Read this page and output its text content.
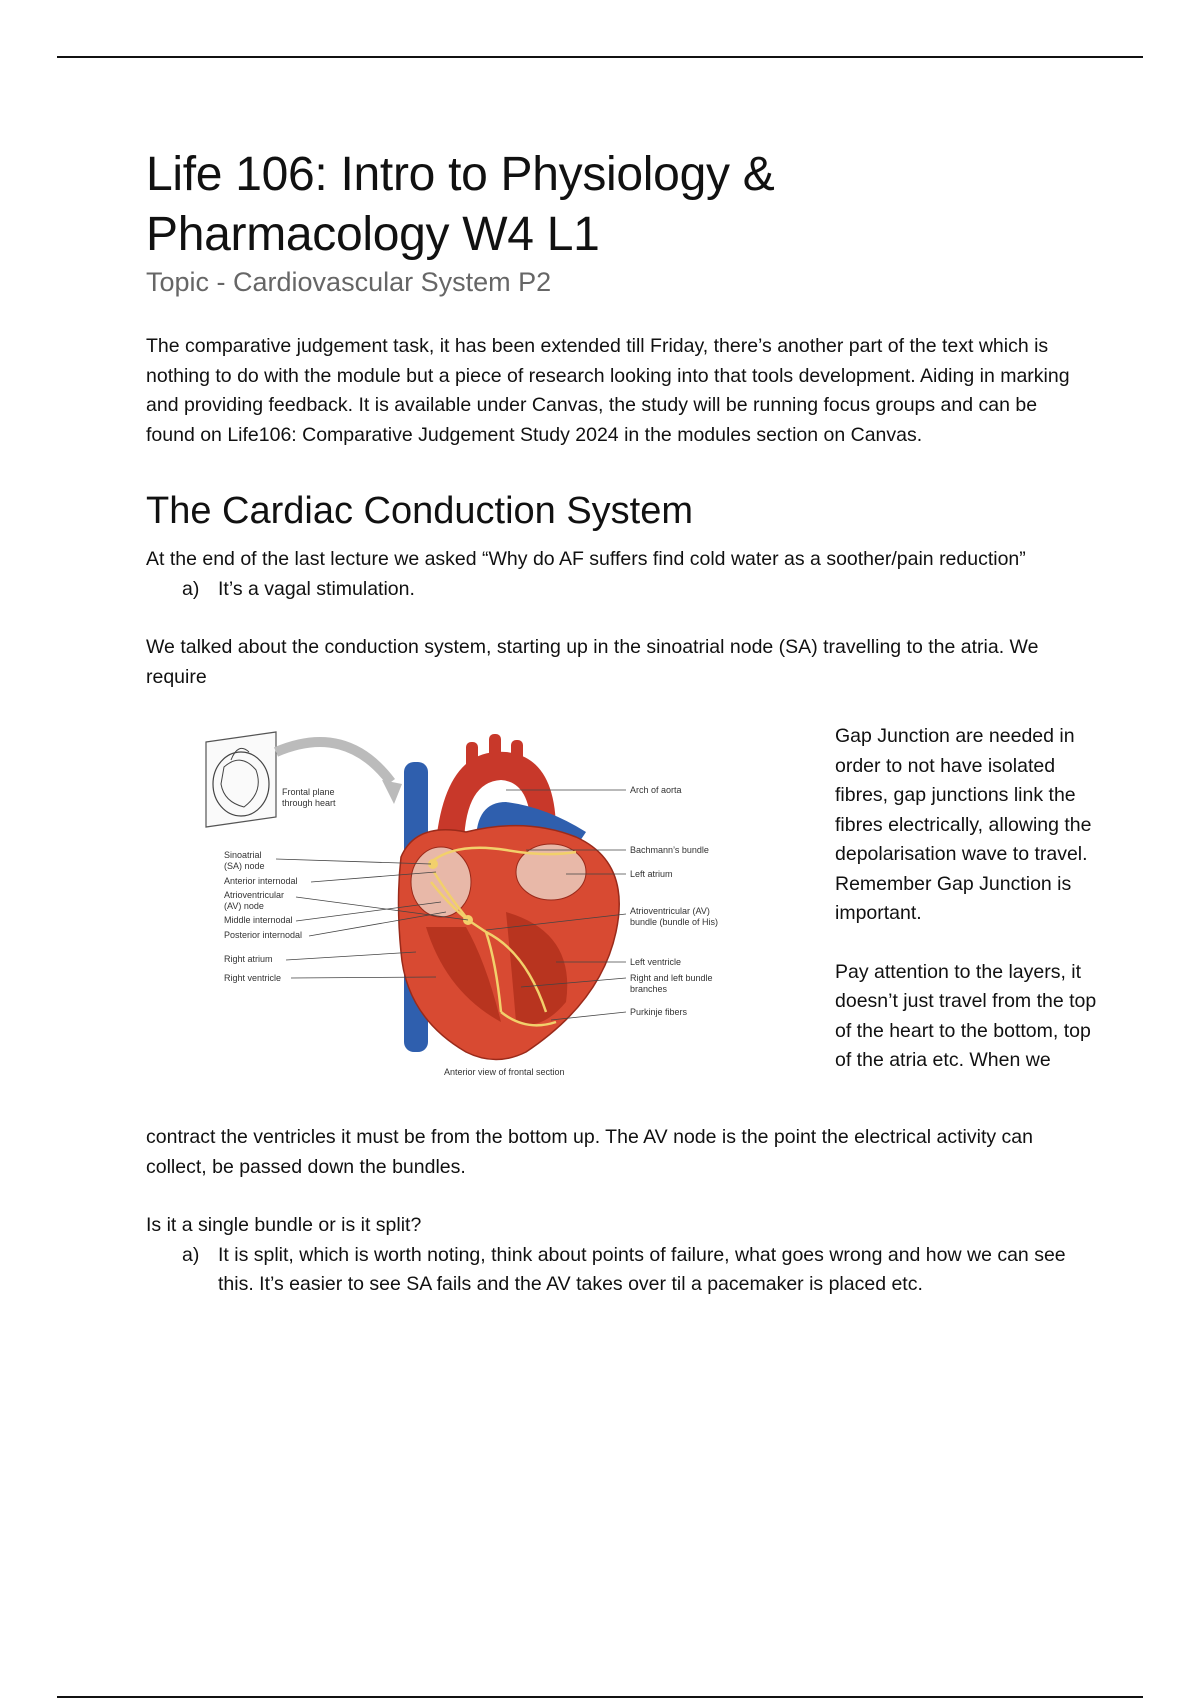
Life 106: Intro to Physiology &
Pharmacology W4 L1
Topic - Cardiovascular System P2

The comparative judgement task, it has been extended till Friday, there’s another part of the text which is nothing to do with the module but a piece of research looking into that tools development. Aiding in marking and providing feedback. It is available under Canvas, the study will be running focus groups and can be found on Life106: Comparative Judgement Study 2024 in the modules section on Canvas.

The Cardiac Conduction System

At the end of the last lecture we asked “Why do AF suffers find cold water as a soother/pain reduction”

a) It’s a vagal stimulation.

We talked about the conduction system, starting up in the sinoatrial node (SA) travelling to the atria. We require

Frontal plane
through heart
Sinoatrial
(SA) node
Anterior internodal
Atrioventricular
(AV) node
Middle internodal
Posterior internodal
Right atrium
Right ventricle
Arch of aorta
Bachmann’s bundle
Left atrium
Atrioventricular (AV)
bundle (bundle of His)
Left ventricle
Right and left bundle
branches
Purkinje fibers
Anterior view of frontal section

Gap Junction are needed in order to not have isolated fibres, gap junctions link the fibres electrically, allowing the depolarisation wave to travel. Remember Gap Junction is important.

Pay attention to the layers, it doesn’t just travel from the top of the heart to the bottom, top of the atria etc. When we

contract the ventricles it must be from the bottom up. The AV node is the point the electrical activity can collect, be passed down the bundles.

Is it a single bundle or is it split?

a) It is split, which is worth noting, think about points of failure, what goes wrong and how we can see this. It’s easier to see SA fails and the AV takes over til a pacemaker is placed etc.
